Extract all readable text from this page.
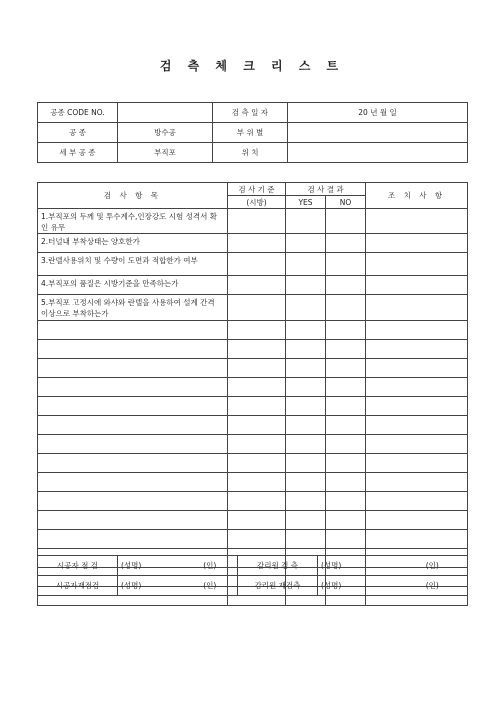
검 측 체 크 리 스 트
공종 CODE NO.		검 측 일 자	20 년 월 일
공 종	방수공	부 위 별	
세 부 공 종	부직포	위 치	
검 사 항 목	검 사 기 준	검 사 결 과		조 치 사 항
	(시방)	YES	NO	
1.부직포의 두께 및 투수계수,인장강도 시험 성격서 확인 유무				
2.터널내 부착상태는 양호한가				
3.란델사용위치 및 수량이 도면과 적합한가 여부				
4.부직포의 품질은 시방기준을 만족하는가				
5.부직포 고정시에 와샤와 란델을 사용하여 설계 간격 이상으로 부착하는가				

시공자 점 검	(성명)	(인)	감리원 검 측	(성명)	(인)
시공자재점검	(성명)	(인)	감리원 재검측	(성명)	(인)
